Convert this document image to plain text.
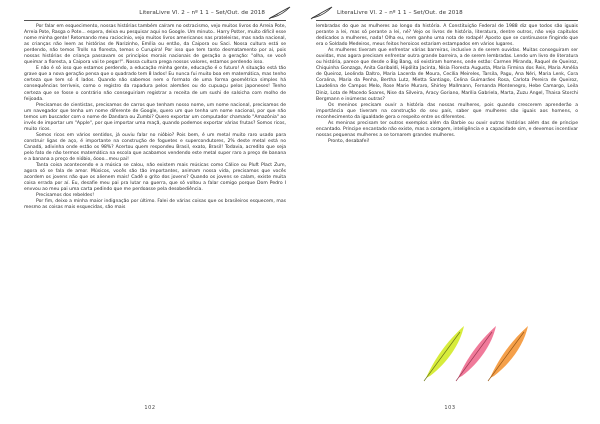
LiteraLivre Vl. 2 – nº 1 1 – Set/Out. de 2018

Por falar em esquecimento, nossas histórias também caíram no ostracismo, vejo muitos livros do Arreia Pote, Arreia Pote, Rasga o Pote... espera, deixa eu pesquisar aqui no Google. Um minuto.. Harry Potter, muito difícil esse nome minha gente! Retomando meu raciocínio, vejo muitos livros americanos nas prateleiras, mas nada nacional, as crianças não leem as histórias de Narizinho, Emília ou então, da Caipora ou Saci. Nossa cultura está se perdendo, não temos Trolls na floresta, temos o Curupira! Por isso que tem tanto desmatamento por aí, pois nossas histórias de criança passavam os princípios morais nacionais de geração a geração: "olha, se você queimar a floresta, a Caipora vai te pegar!". Nossa cultura prega nossos valores, estamos perdendo isso.

E não é só isso que estamos perdendo, a educação minha gente, educação é o futuro! A situação está tão grave que a nova geração pensa que o quadrado tem 8 lados! Eu nunca fui muito boa em matemática, mas tenho certeza que tem só 4 lados. Quando não sabemos nem o formato de uma forma geométrica simples há consequências terríveis, como o registro da rapadura pelos alemães ou do cupuaçu pelos japoneses! Tenho certeza que se fosse o contrário não conseguiriam registrar a receita de um sushi de salsicha com molho de feijoada.

Precisamos de cientistas, precisamos de carros que tenham nosso nome, um nome nacional, precisamos de um navegador que tenha um nome diferente de Google, quero um que tenha um nome nacional, por que não temos um buscador com o nome de Dandara ou Zumbi? Quero exportar um computador chamado "Amazônia" ao invés de importar um "Apple", por que importar uma maçã, quando podemos exportar várias frutas? Somos ricos, muito ricos.

Somos ricos em vários sentidos, já ouviu falar no nióbio? Pois bem, é um metal muito raro usado para construir ligas de aço, é importante na construção de foguetes e supercondutores, 2% deste metal está no Canadá, adivinha onde estão os 98%? Acertou quem respondeu Brasil, exato, Brasil! Todavia, acredito que seja pelo fato de não termos matemática na escola que acabamos vendendo este metal super raro a preço de banana e a banana a preço de nióbio, óooo...meu pai!

Tanta coisa acontecendo e a música se calou, não existem mais músicas como Cálice ou Pluft Plact Zum, agora só se fala de amor. Músicos, vocês são tão importantes, animam nossa vida, precisamos que vocês acordem os jovens não que os alienem mais! Cadê o grito dos jovens? Quando os jovens se calam, existe muita coisa errada por aí. Eu, desafie meu pai pra lutar na guerra, que só voltou a falar comigo porque Dom Pedro I envvou ao meu pai uma carta pedindo que me perdoasse pela desobediência.

Precisamos dos rebeldes!

Por fim, deixo a minha maior indignação por último. Falei de várias coisas que os brasileiros esquecem, mas mesmo as coisas mais esquecidas, são mais

102
LiteraLivre Vl. 2 – nº 1 1 – Set/Out. de 2018

lembradas do que as mulheres ao longo da história. A Constituição Federal de 1988 diz que todos são iguais perante a lei, mas só perante a lei, né? Vejo os livros de história, literatura, dentre outros, não vejo capítulos dedicados a mulheres, nada! Olha eu, nem ganho uma nota de rodapé! Aposto que se continuasse fingindo que era o Soldado Medeiros, meus feitos heroicos estariam estampados em vários lugares.

As mulheres tiveram que enfrentar várias barreiras, inclusive a de serem ouvidas. Muitas conseguiram ser ouvidas, mas agora precisam enfrentar outra grande barreira, a de serem lembradas. Lendo um livro de literatura ou história, parece que desde o Big Bang, só existiram homens, onde estão: Carmen Miranda, Raquel de Queiroz, Chiquinha Gonzaga, Anita Garibaldi, Hipólita Jacinta, Nísia Floresta Augusta, Maria Firmina dos Reis, Maria Amélia de Queiroz, Leolinda Daltro, Maria Lacerda de Moura, Cecília Meireles, Tarsila, Pagu, Ana Néri, Maria Lenk, Cora Coralina, Maria da Penha, Bertha Lutz, Mietta Santiago, Celina Guimarães Rosa, Carlota Pereira de Queiroz, Laudelina de Campos Melo, Rose Marie Muraro, Shirley Mallmann, Fernanda Montenegro, Hebe Camargo, Leila Diniz, Lota de Macedo Soares, Nise da Silveira, Aracy Goriano, Marília Gabriela, Marta, Zuzu Angel, Thaisa Storchi Bergmann e inúmeras outras?

Os meninos precisam ouvir a história das nossas mulheres, pois quando crescerem aprenderão a importância que tiveram na construção do seu país, saber que mulheres são iguais aos homens, o reconhecimento da igualdade gera o respeito entre os diferentes.

As meninas precisam ter outros exemplos além da Barbie ou ouvir outras histórias além das de príncipe encantado. Príncipe encantado não existe, mas a coragem, inteligência e a capacidade sim, e devemos incentivar nossas pequenas mulheres a se tornarem grandes mulheres.

Pronto, desabafei!

103
